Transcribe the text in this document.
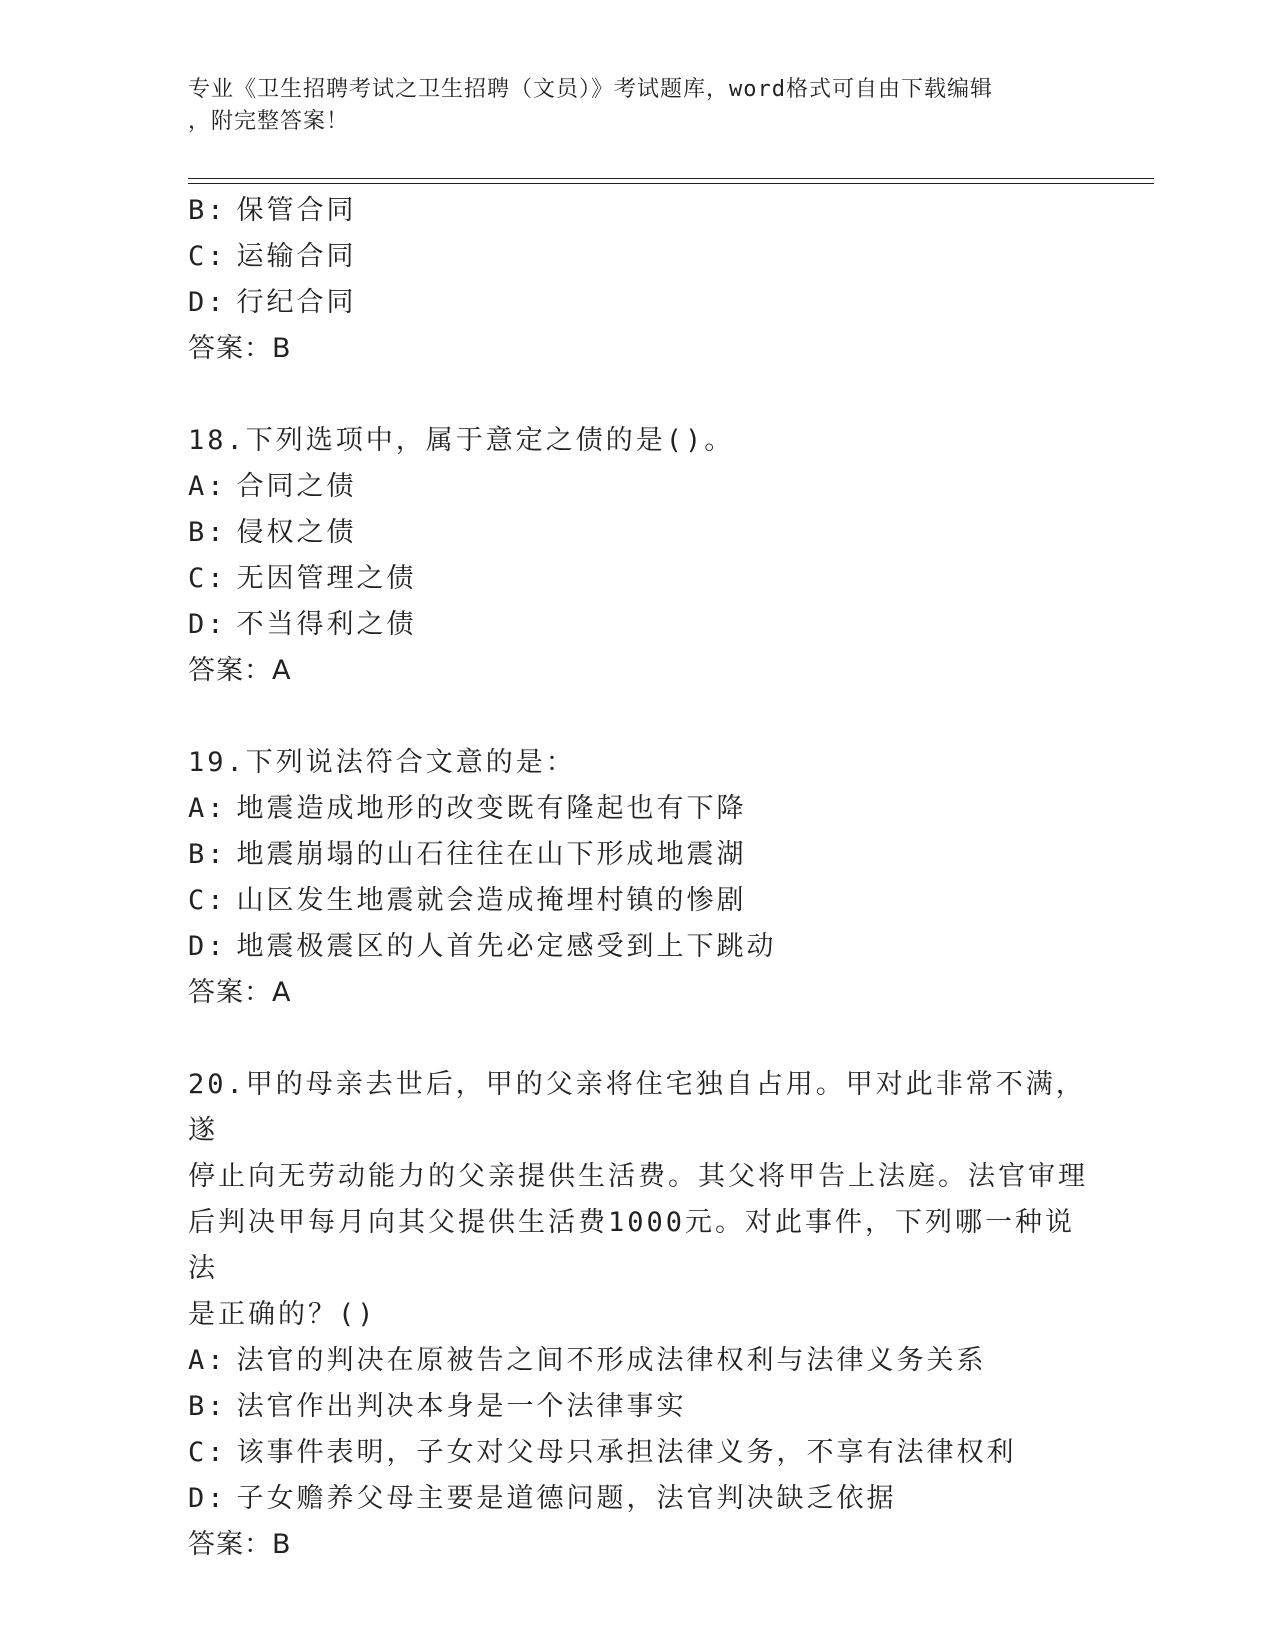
专业《卫生招聘考试之卫生招聘（文员）》考试题库，word格式可自由下载编辑
，附完整答案！
B: 保管合同
C: 运输合同
D: 行纪合同
答案：B
18.下列选项中，属于意定之债的是()。
A: 合同之债
B: 侵权之债
C: 无因管理之债
D: 不当得利之债
答案：A
19.下列说法符合文意的是：
A: 地震造成地形的改变既有隆起也有下降
B: 地震崩塌的山石往往在山下形成地震湖
C: 山区发生地震就会造成掩埋村镇的惨剧
D: 地震极震区的人首先必定感受到上下跳动
答案：A
20.甲的母亲去世后，甲的父亲将住宅独自占用。甲对此非常不满，遂
停止向无劳动能力的父亲提供生活费。其父将甲告上法庭。法官审理
后判决甲每月向其父提供生活费1000元。对此事件，下列哪一种说法
是正确的？()
A: 法官的判决在原被告之间不形成法律权利与法律义务关系
B: 法官作出判决本身是一个法律事实
C: 该事件表明，子女对父母只承担法律义务，不享有法律权利
D: 子女赡养父母主要是道德问题，法官判决缺乏依据
答案：B
